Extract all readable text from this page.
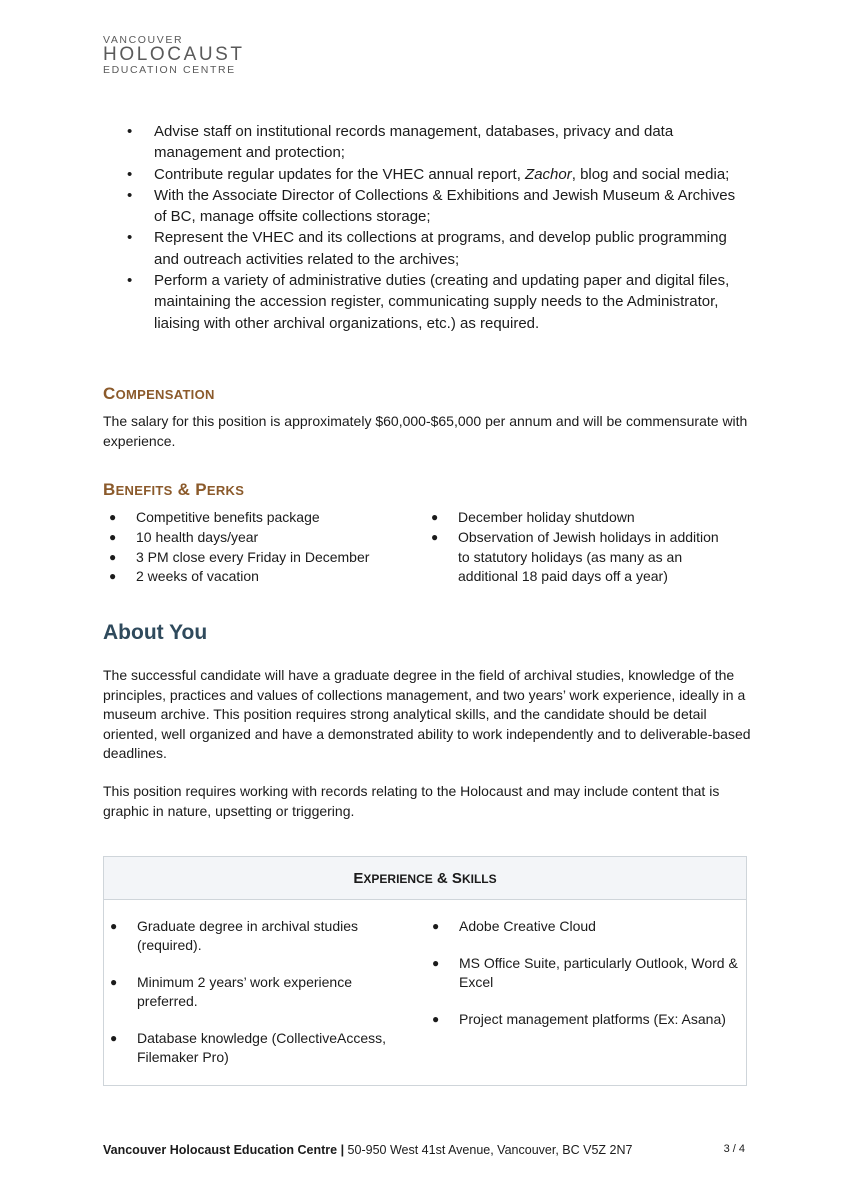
VANCOUVER
HOLOCAUST
EDUCATION CENTRE
• Advise staff on institutional records management, databases, privacy and data management and protection;
• Contribute regular updates for the VHEC annual report, Zachor, blog and social media;
• With the Associate Director of Collections & Exhibitions and Jewish Museum & Archives of BC, manage offsite collections storage;
• Represent the VHEC and its collections at programs, and develop public programming and outreach activities related to the archives;
• Perform a variety of administrative duties (creating and updating paper and digital files, maintaining the accession register, communicating supply needs to the Administrator, liaising with other archival organizations, etc.) as required.
COMPENSATION
The salary for this position is approximately $60,000-$65,000 per annum and will be commensurate with experience.
BENEFITS & PERKS
● Competitive benefits package
● 10 health days/year
● 3 PM close every Friday in December
● 2 weeks of vacation
● December holiday shutdown
● Observation of Jewish holidays in addition to statutory holidays (as many as an additional 18 paid days off a year)
About You
The successful candidate will have a graduate degree in the field of archival studies, knowledge of the principles, practices and values of collections management, and two years’ work experience, ideally in a museum archive. This position requires strong analytical skills, and the candidate should be detail oriented, well organized and have a demonstrated ability to work independently and to deliverable-based deadlines.
This position requires working with records relating to the Holocaust and may include content that is graphic in nature, upsetting or triggering.
EXPERIENCE & SKILLS
● Graduate degree in archival studies (required).
● Minimum 2 years’ work experience preferred.
● Database knowledge (CollectiveAccess, Filemaker Pro)
● Adobe Creative Cloud
● MS Office Suite, particularly Outlook, Word & Excel
● Project management platforms (Ex: Asana)
Vancouver Holocaust Education Centre | 50-950 West 41st Avenue, Vancouver, BC V5Z 2N7	3 / 4
